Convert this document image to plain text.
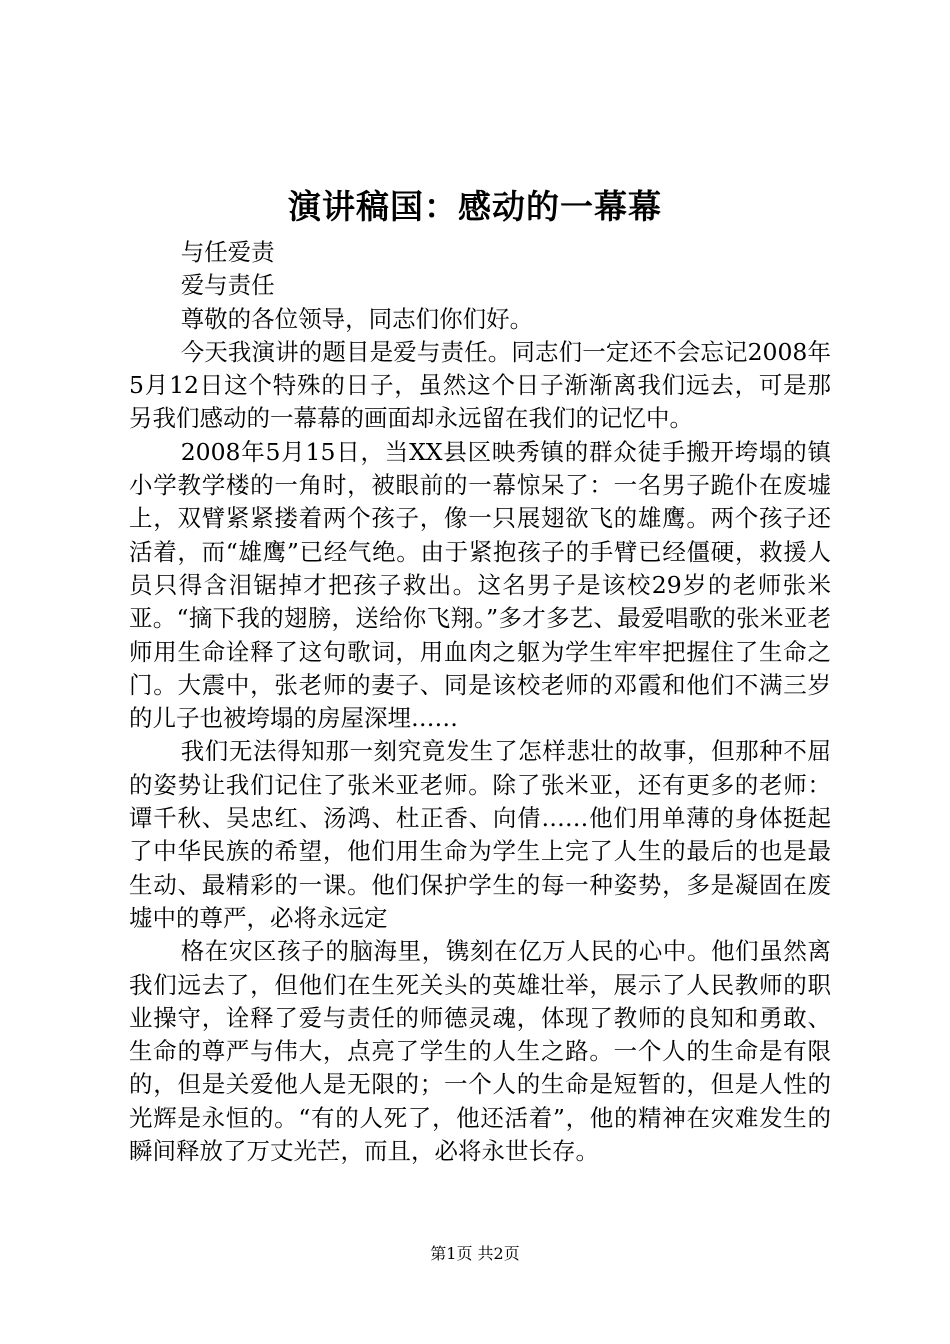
演讲稿国：感动的一幕幕

与任爱责

爱与责任

尊敬的各位领导，同志们你们好。

今天我演讲的题目是爱与责任。同志们一定还不会忘记2008年5月12日这个特殊的日子，虽然这个日子渐渐离我们远去，可是那另我们感动的一幕幕的画面却永远留在我们的记忆中。

2008年5月15日，当XX县区映秀镇的群众徒手搬开垮塌的镇小学教学楼的一角时，被眼前的一幕惊呆了：一名男子跪仆在废墟上，双臂紧紧搂着两个孩子，像一只展翅欲飞的雄鹰。两个孩子还活着，而“雄鹰”已经气绝。由于紧抱孩子的手臂已经僵硬，救援人员只得含泪锯掉才把孩子救出。这名男子是该校29岁的老师张米亚。“摘下我的翅膀，送给你飞翔。”多才多艺、最爱唱歌的张米亚老师用生命诠释了这句歌词，用血肉之躯为学生牢牢把握住了生命之门。大震中，张老师的妻子、同是该校老师的邓霞和他们不满三岁的儿子也被垮塌的房屋深埋……

我们无法得知那一刻究竟发生了怎样悲壮的故事，但那种不屈的姿势让我们记住了张米亚老师。除了张米亚，还有更多的老师：谭千秋、吴忠红、汤鸿、杜正香、向倩……他们用单薄的身体挺起了中华民族的希望，他们用生命为学生上完了人生的最后的也是最生动、最精彩的一课。他们保护学生的每一种姿势，多是凝固在废墟中的尊严，必将永远定

格在灾区孩子的脑海里，镌刻在亿万人民的心中。他们虽然离我们远去了，但他们在生死关头的英雄壮举，展示了人民教师的职业操守，诠释了爱与责任的师德灵魂，体现了教师的良知和勇敢、生命的尊严与伟大，点亮了学生的人生之路。一个人的生命是有限的，但是关爱他人是无限的；一个人的生命是短暂的，但是人性的光辉是永恒的。“有的人死了，他还活着”，他的精神在灾难发生的瞬间释放了万丈光芒，而且，必将永世长存。

第1页 共2页
